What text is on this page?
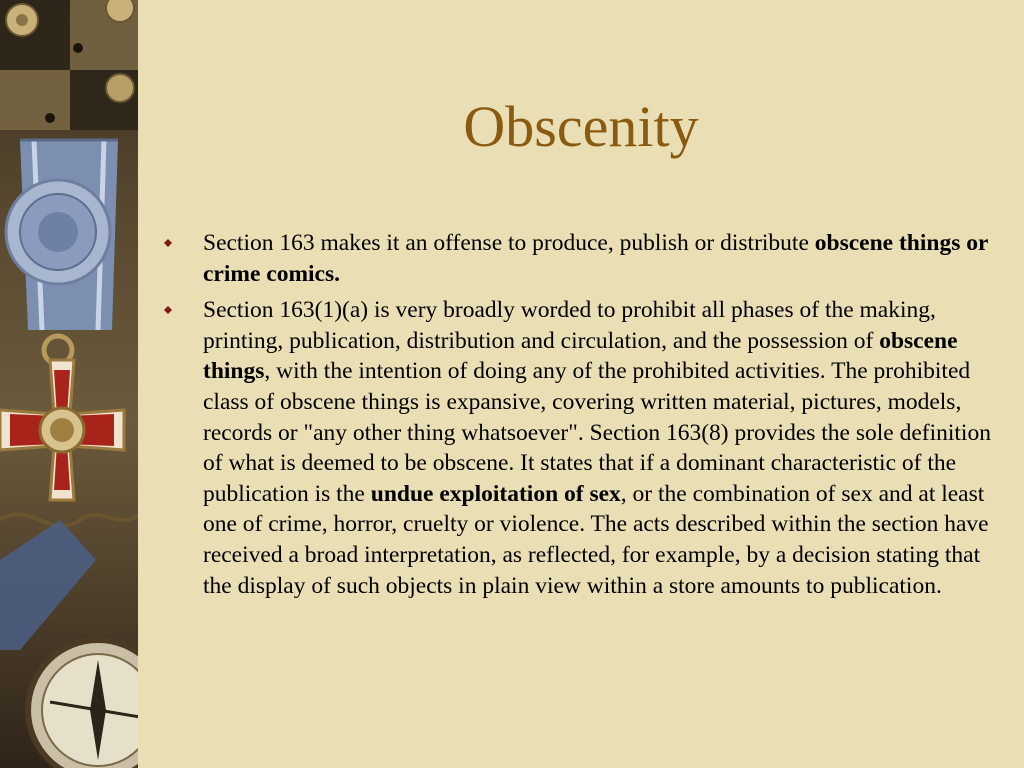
Obscenity
Section 163 makes it an offense to produce, publish or distribute obscene things or crime comics.
Section 163(1)(a) is very broadly worded to prohibit all phases of the making, printing, publication, distribution and circulation, and the possession of obscene things, with the intention of doing any of the prohibited activities. The prohibited class of obscene things is expansive, covering written material, pictures, models, records or "any other thing whatsoever". Section 163(8) provides the sole definition of what is deemed to be obscene. It states that if a dominant characteristic of the publication is the undue exploitation of sex, or the combination of sex and at least one of crime, horror, cruelty or violence. The acts described within the section have received a broad interpretation, as reflected, for example, by a decision stating that the display of such objects in plain view within a store amounts to publication.
